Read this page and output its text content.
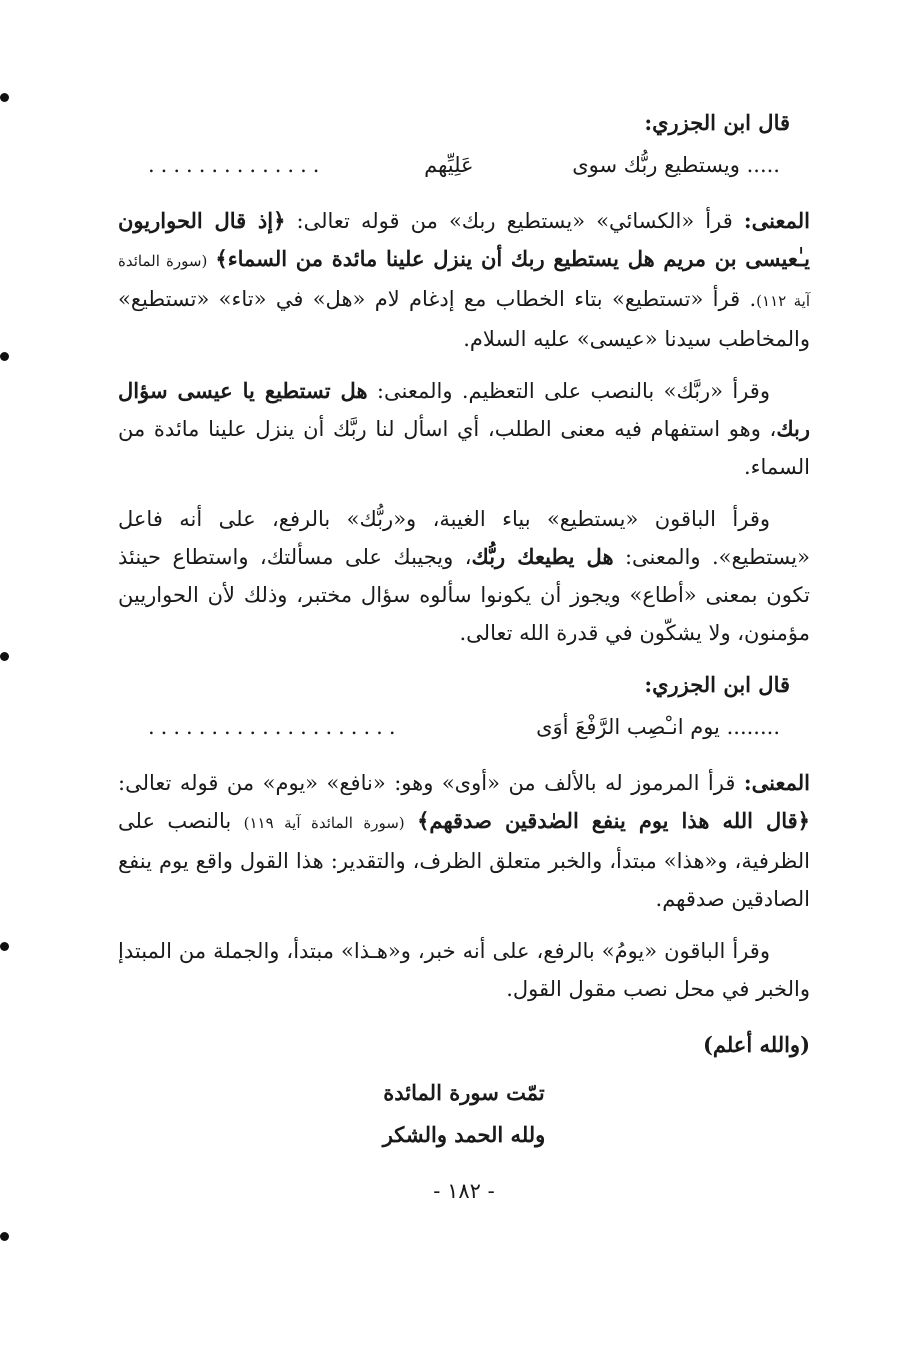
قال ابن الجزري:
..... ويستطيع ربُّك سوى
عَلِيِّهم
..............

المعنى: قرأ «الكسائي» «يستطيع ربك» من قوله تعالى: ﴿إذ قال الحواريون يـٰعيسى بن مريم هل يستطيع ربك أن ينزل علينا مائدة من السماء﴾ (سورة المائدة آية ١١٢). قرأ «تستطيع» بتاء الخطاب مع إدغام لام «هل» في «تاء» «تستطيع» والمخاطب سيدنا «عيسى» عليه السلام.

وقرأ «ربَّك» بالنصب على التعظيم. والمعنى: هل تستطيع يا عيسى سؤال ربك، وهو استفهام فيه معنى الطلب، أي اسأل لنا ربَّك أن ينزل علينا مائدة من السماء.

وقرأ الباقون «يستطيع» بياء الغيبة، و«ربُّك» بالرفع، على أنه فاعل «يستطيع». والمعنى: هل يطيعك ربُّك، ويجيبك على مسألتك، واستطاع حينئذ تكون بمعنى «أطاع» ويجوز أن يكونوا سألوه سؤال مختبر، وذلك لأن الحواريين مؤمنون، ولا يشكّون في قدرة الله تعالى.

قال ابن الجزري:
........ يوم انـْصِب الرَّفْعَ أوَى
....................

المعنى: قرأ المرموز له بالألف من «أوى» وهو: «نافع» «يوم» من قوله تعالى: ﴿قال الله هذا يوم ينفع الصٰدقين صدقهم﴾ (سورة المائدة آية ١١٩) بالنصب على الظرفية، و«هذا» مبتدأ، والخبر متعلق الظرف، والتقدير: هذا القول واقع يوم ينفع الصادقين صدقهم.

وقرأ الباقون «يومُ» بالرفع، على أنه خبر، و«هـذا» مبتدأ، والجملة من المبتدإ والخبر في محل نصب مقول القول.

(والله أعلم)
تمّت سورة المائدة
ولله الحمد والشكر
- ١٨٢ -
